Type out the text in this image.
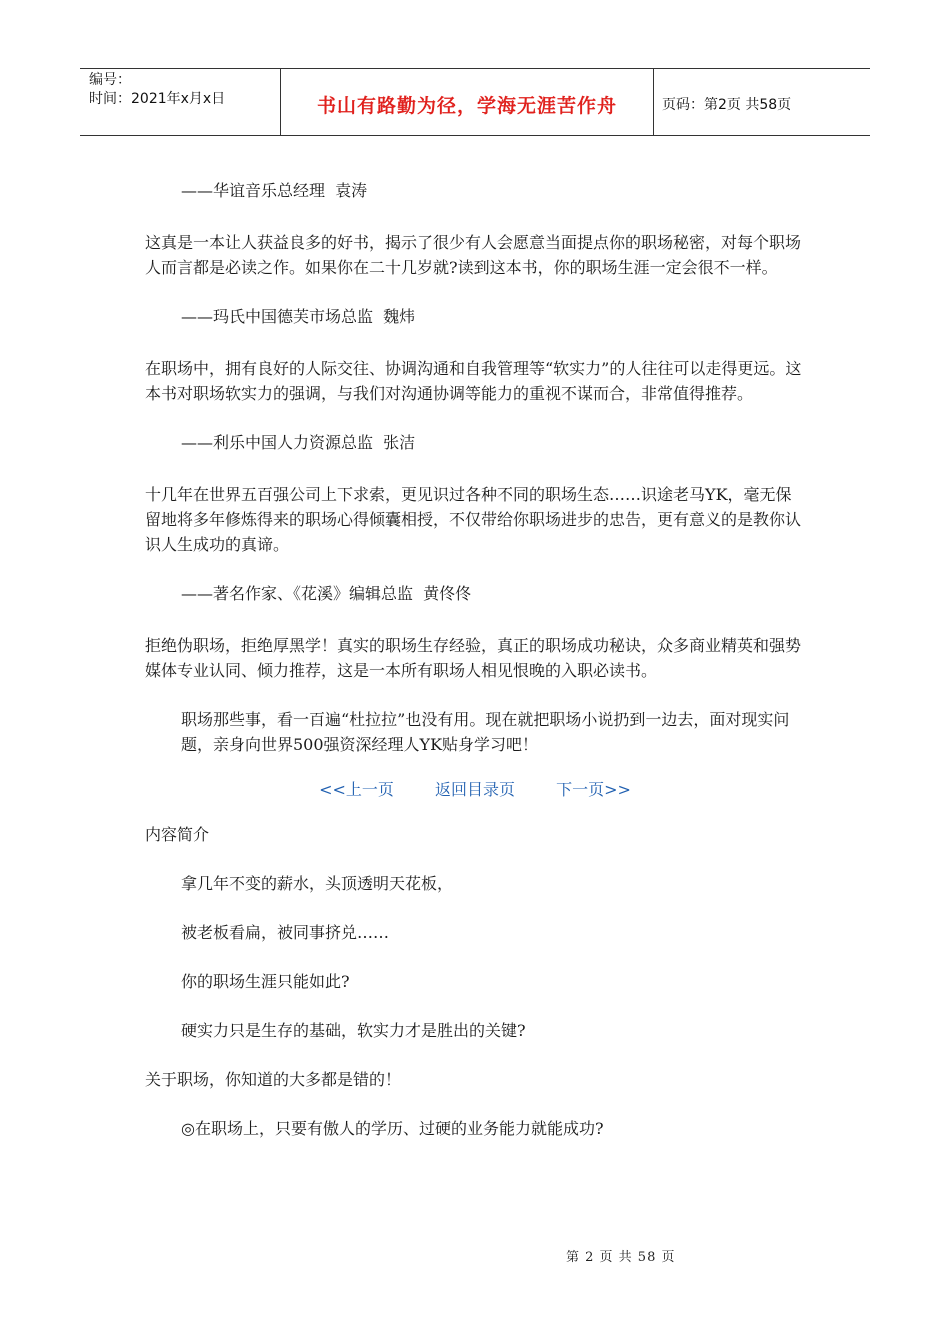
编号：
时间：2021年x月x日	书山有路勤为径，学海无涯苦作舟	页码：第2页 共58页

——华谊音乐总经理  袁涛

这真是一本让人获益良多的好书，揭示了很少有人会愿意当面提点你的职场秘密，对每个职场人而言都是必读之作。如果你在二十几岁就?读到这本书，你的职场生涯一定会很不一样。

——玛氏中国德芙市场总监  魏炜

在职场中，拥有良好的人际交往、协调沟通和自我管理等“软实力”的人往往可以走得更远。这本书对职场软实力的强调，与我们对沟通协调等能力的重视不谋而合，非常值得推荐。

——利乐中国人力资源总监  张洁

十几年在世界五百强公司上下求索，更见识过各种不同的职场生态……识途老马YK，毫无保留地将多年修炼得来的职场心得倾囊相授，不仅带给你职场进步的忠告，更有意义的是教你认识人生成功的真谛。

——著名作家、《花溪》编辑总监  黄佟佟

拒绝伪职场，拒绝厚黑学！真实的职场生存经验，真正的职场成功秘诀，众多商业精英和强势媒体专业认同、倾力推荐，这是一本所有职场人相见恨晚的入职必读书。

职场那些事，看一百遍“杜拉拉”也没有用。现在就把职场小说扔到一边去，面对现实问题，亲身向世界500强资深经理人YK贴身学习吧！

<<上一页	返回目录页	下一页>>

内容简介

拿几年不变的薪水，头顶透明天花板，

被老板看扁，被同事挤兑……

你的职场生涯只能如此?

硬实力只是生存的基础，软实力才是胜出的关键?

关于职场，你知道的大多都是错的！

◎在职场上，只要有傲人的学历、过硬的业务能力就能成功?

第 2 页 共 58 页
